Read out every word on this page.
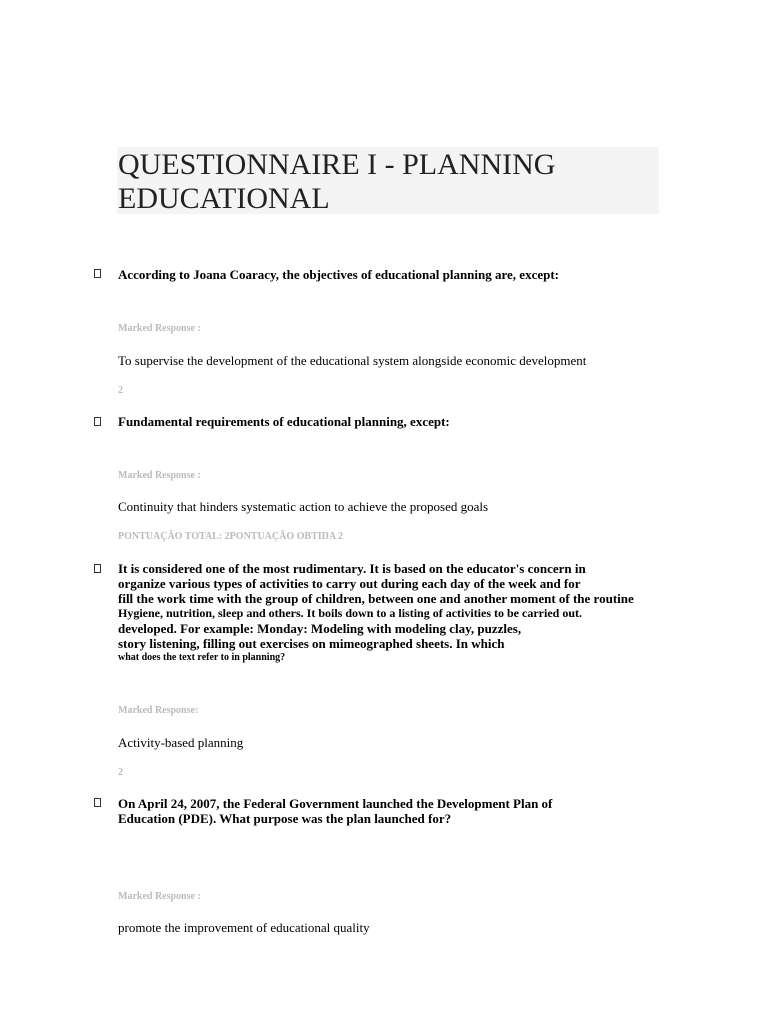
QUESTIONNAIRE I - PLANNING EDUCATIONAL
According to Joana Coaracy, the objectives of educational planning are, except:
Marked Response :
To supervise the development of the educational system alongside economic development
2
Fundamental requirements of educational planning, except:
Marked Response :
Continuity that hinders systematic action to achieve the proposed goals
PONTUAÇÃO TOTAL: 2PONTUAÇÃO OBTIDA 2
It is considered one of the most rudimentary. It is based on the educator's concern in
organize various types of activities to carry out during each day of the week and for
fill the work time with the group of children, between one and another moment of the routine
Hygiene, nutrition, sleep and others. It boils down to a listing of activities to be carried out.
developed. For example: Monday: Modeling with modeling clay, puzzles,
story listening, filling out exercises on mimeographed sheets. In which
what does the text refer to in planning?
Marked Response:
Activity-based planning
2
On April 24, 2007, the Federal Government launched the Development Plan of
Education (PDE). What purpose was the plan launched for?
Marked Response :
promote the improvement of educational quality
